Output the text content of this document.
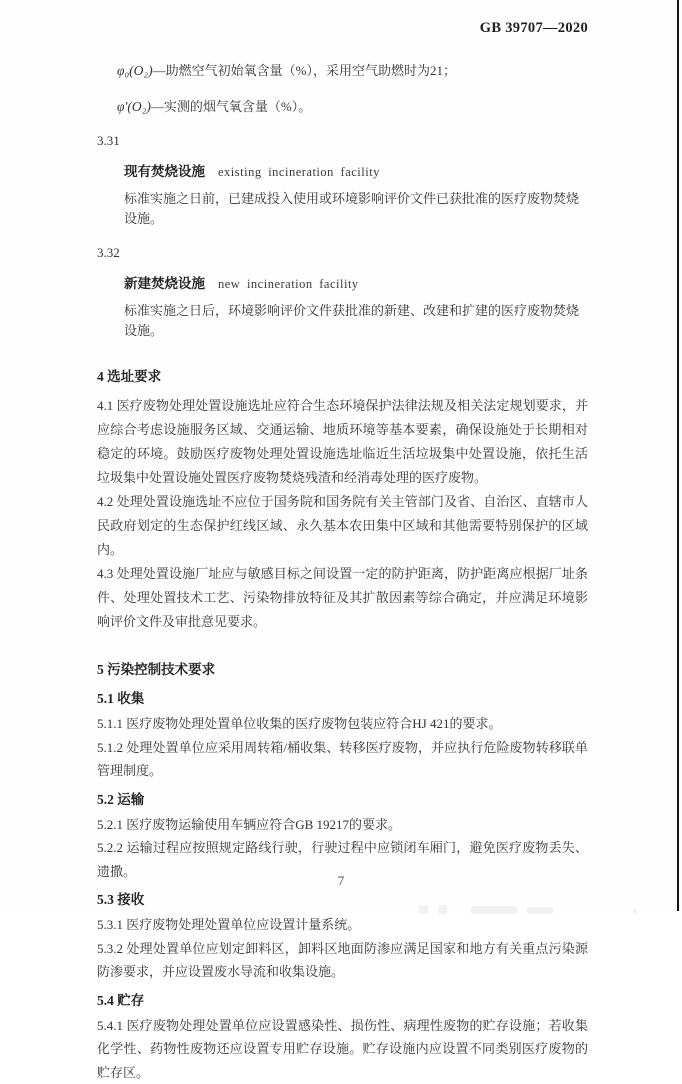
GB 39707—2020

φ₀(O₂)—助燃空气初始氧含量（%），采用空气助燃时为21；

φ′(O₂)—实测的烟气氧含量（%）。

3.31
现有焚烧设施 existing incineration facility
标准实施之日前，已建成投入使用或环境影响评价文件已获批准的医疗废物焚烧设施。
3.32
新建焚烧设施 new incineration facility
标准实施之日后，环境影响评价文件获批准的新建、改建和扩建的医疗废物焚烧设施。
4 选址要求

4.1 医疗废物处理处置设施选址应符合生态环境保护法律法规及相关法定规划要求，并应综合考虑设施服务区域、交通运输、地质环境等基本要素，确保设施处于长期相对稳定的环境。鼓励医疗废物处理处置设施选址临近生活垃圾集中处置设施，依托生活垃圾集中处置设施处置医疗废物焚烧残渣和经消毒处理的医疗废物。

4.2 处理处置设施选址不应位于国务院和国务院有关主管部门及省、自治区、直辖市人民政府划定的生态保护红线区域、永久基本农田集中区域和其他需要特别保护的区域内。

4.3 处理处置设施厂址应与敏感目标之间设置一定的防护距离，防护距离应根据厂址条件、处理处置技术工艺、污染物排放特征及其扩散因素等综合确定，并应满足环境影响评价文件及审批意见要求。

5 污染控制技术要求
5.1 收集

5.1.1 医疗废物处理处置单位收集的医疗废物包装应符合HJ 421的要求。

5.1.2 处理处置单位应采用周转箱/桶收集、转移医疗废物，并应执行危险废物转移联单管理制度。

5.2 运输

5.2.1 医疗废物运输使用车辆应符合GB 19217的要求。

5.2.2 运输过程应按照规定路线行驶，行驶过程中应锁闭车厢门，避免医疗废物丢失、遗撒。

5.3 接收

5.3.1 医疗废物处理处置单位应设置计量系统。

5.3.2 处理处置单位应划定卸料区，卸料区地面防渗应满足国家和地方有关重点污染源防渗要求，并应设置废水导流和收集设施。

5.4 贮存

5.4.1 医疗废物处理处置单位应设置感染性、损伤性、病理性废物的贮存设施；若收集化学性、药物性废物还应设置专用贮存设施。贮存设施内应设置不同类别医疗废物的贮存区。

7
